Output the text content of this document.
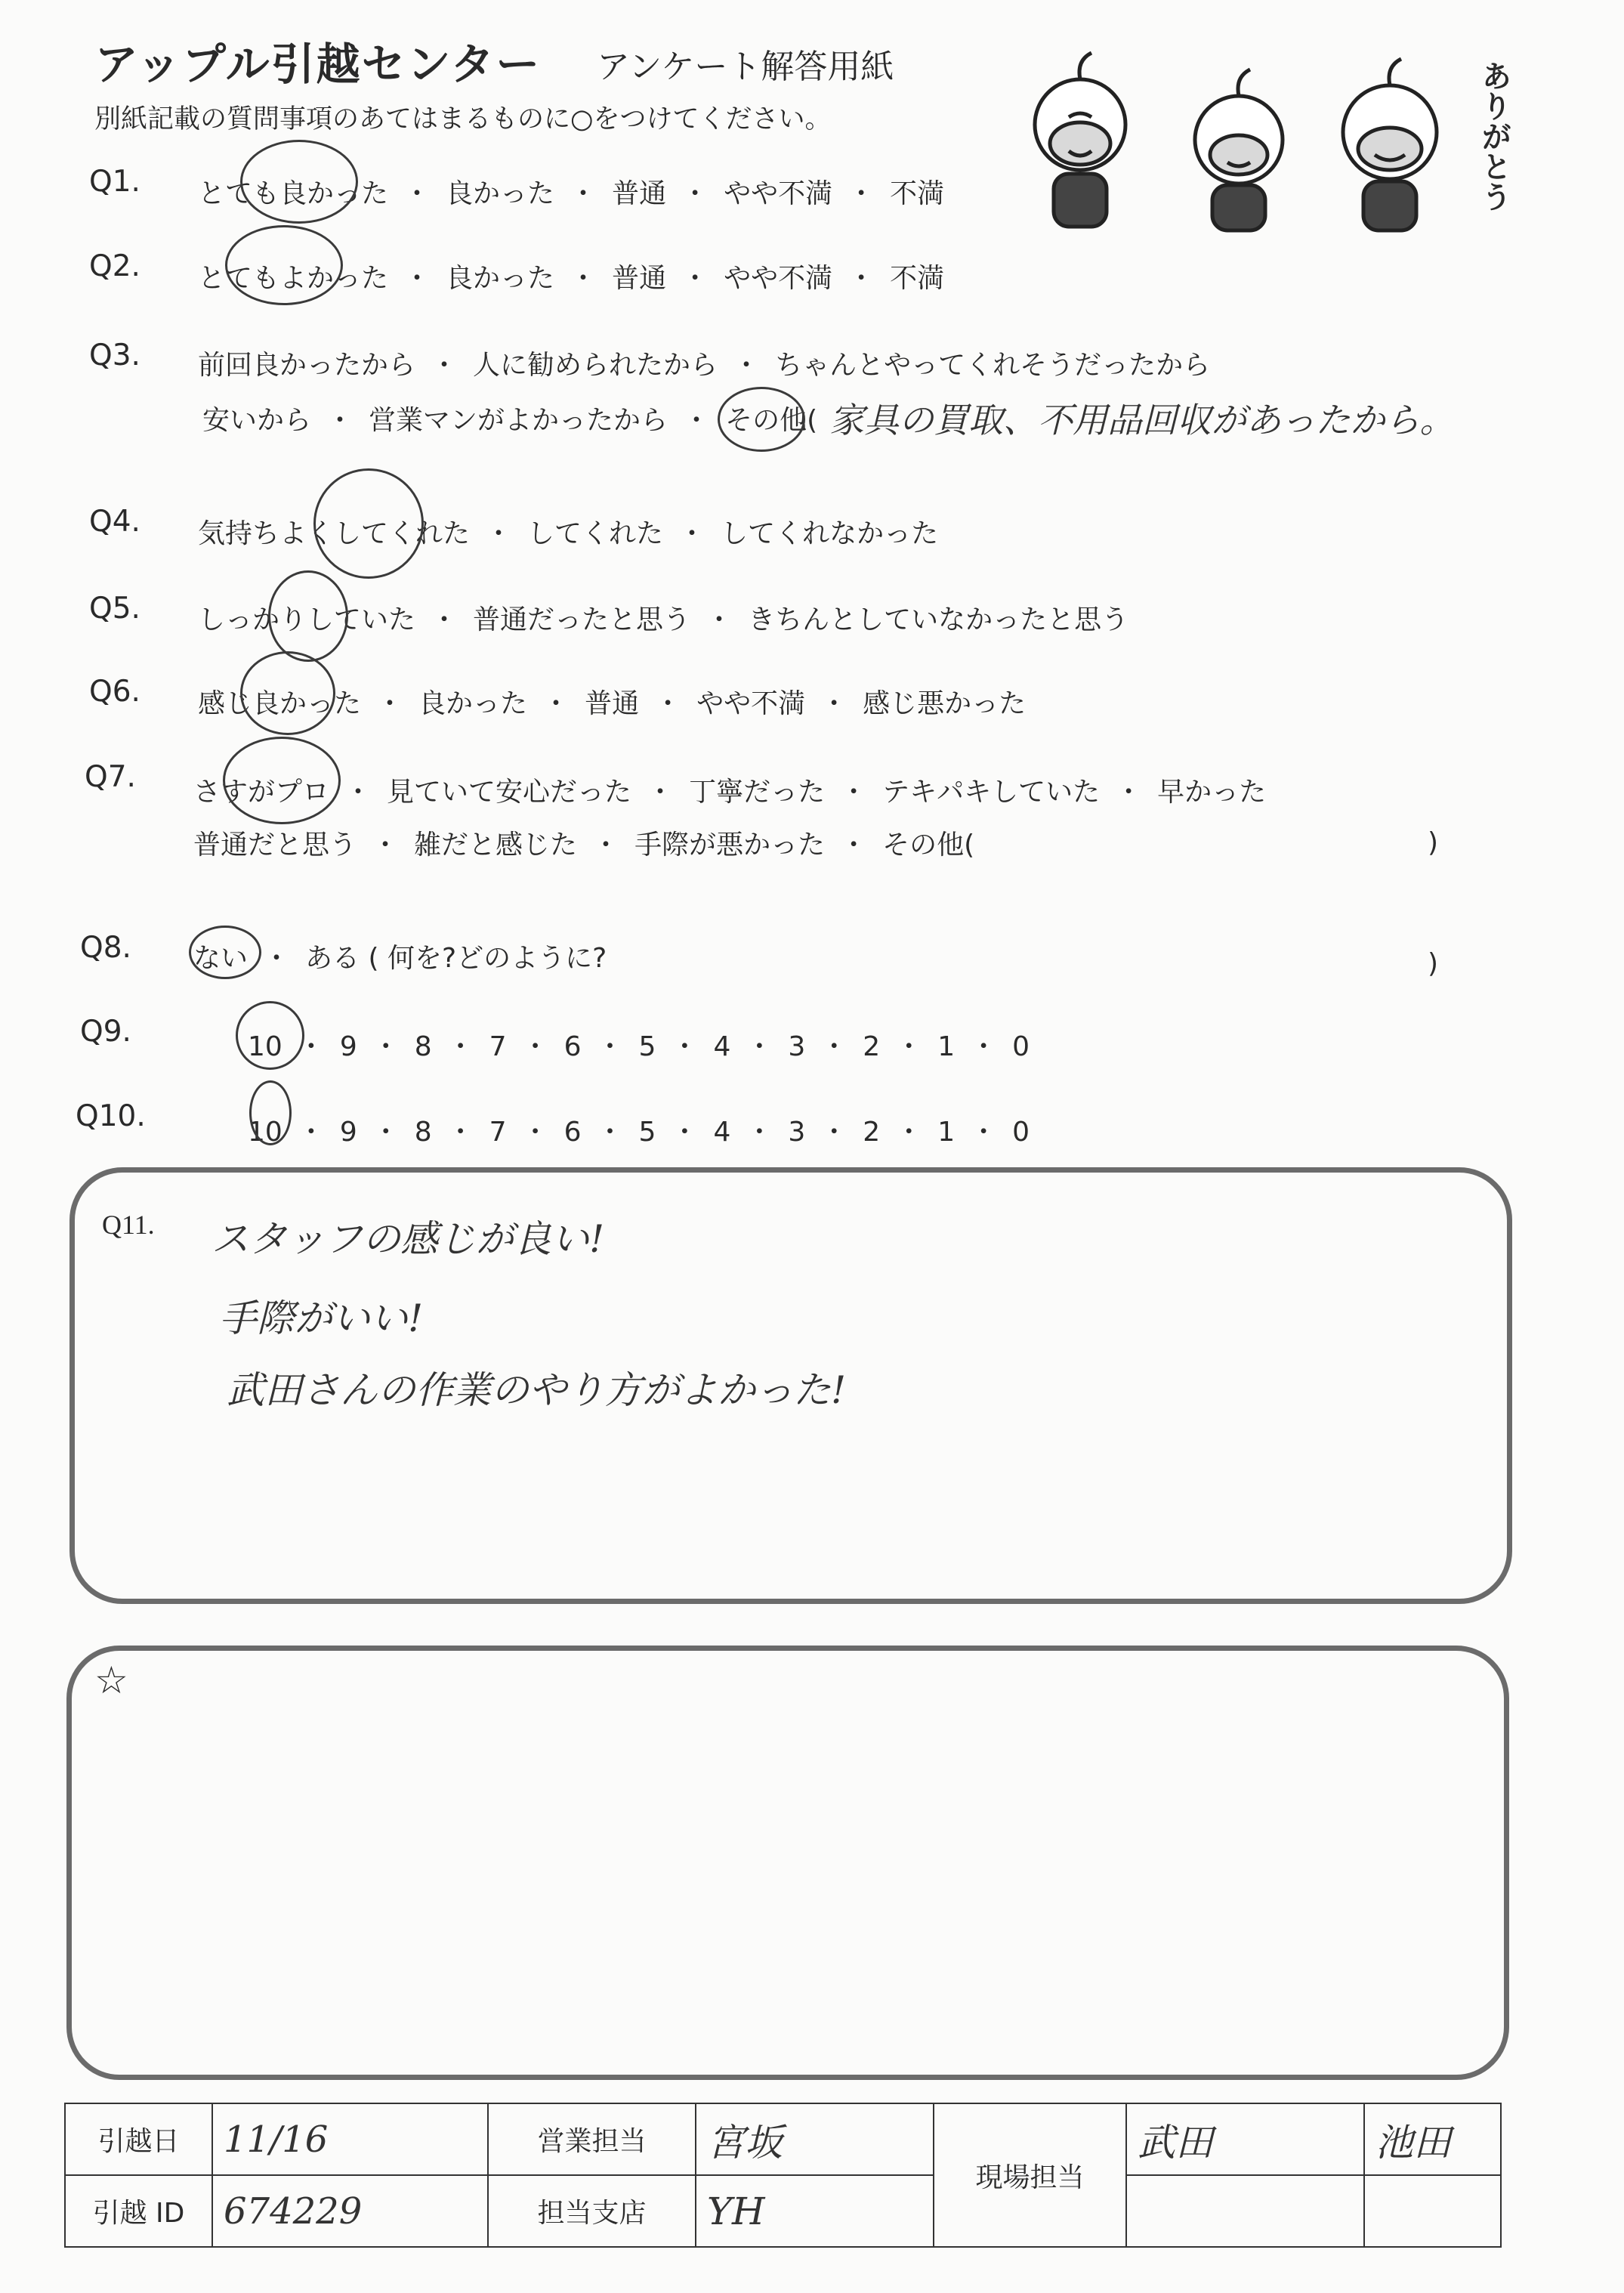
アップル引越センター アンケート解答用紙
別紙記載の質問事項のあてはまるものに○をつけてください。	ありがとう
Q1. とても良かった ・ 良かった ・ 普通 ・ やや不満 ・ 不満
Q2. とてもよかった ・ 良かった ・ 普通 ・ やや不満 ・ 不満
Q3. 前回良かったから ・ 人に勧められたから ・ ちゃんとやってくれそうだったから
安いから ・ 営業マンがよかったから ・ その他( 家具の買取、不用品回収があったから。
Q4. 気持ちよくしてくれた ・ してくれた ・ してくれなかった
Q5. しっかりしていた ・ 普通だったと思う ・ きちんとしていなかったと思う
Q6. 感じ良かった ・ 良かった ・ 普通 ・ やや不満 ・ 感じ悪かった
Q7. さすがプロ ・ 見ていて安心だった ・ 丁寧だった ・ テキパキしていた ・ 早かった
普通だと思う ・ 雑だと感じた ・ 手際が悪かった ・ その他(	)
Q8. ない ・ ある ( 何を?どのように?	)
Q9.	10 ・ 9 ・ 8 ・ 7 ・ 6 ・ 5 ・ 4 ・ 3 ・ 2 ・ 1 ・ 0
Q10.	10 ・ 9 ・ 8 ・ 7 ・ 6 ・ 5 ・ 4 ・ 3 ・ 2 ・ 1 ・ 0
Q11. スタッフの感じが良い!
手際がいい!
武田さんの作業のやり方がよかった!
☆
引越日	11/16	営業担当	宮坂	現場担当	武田	池田
引越 ID	674229	担当支店	YH			
